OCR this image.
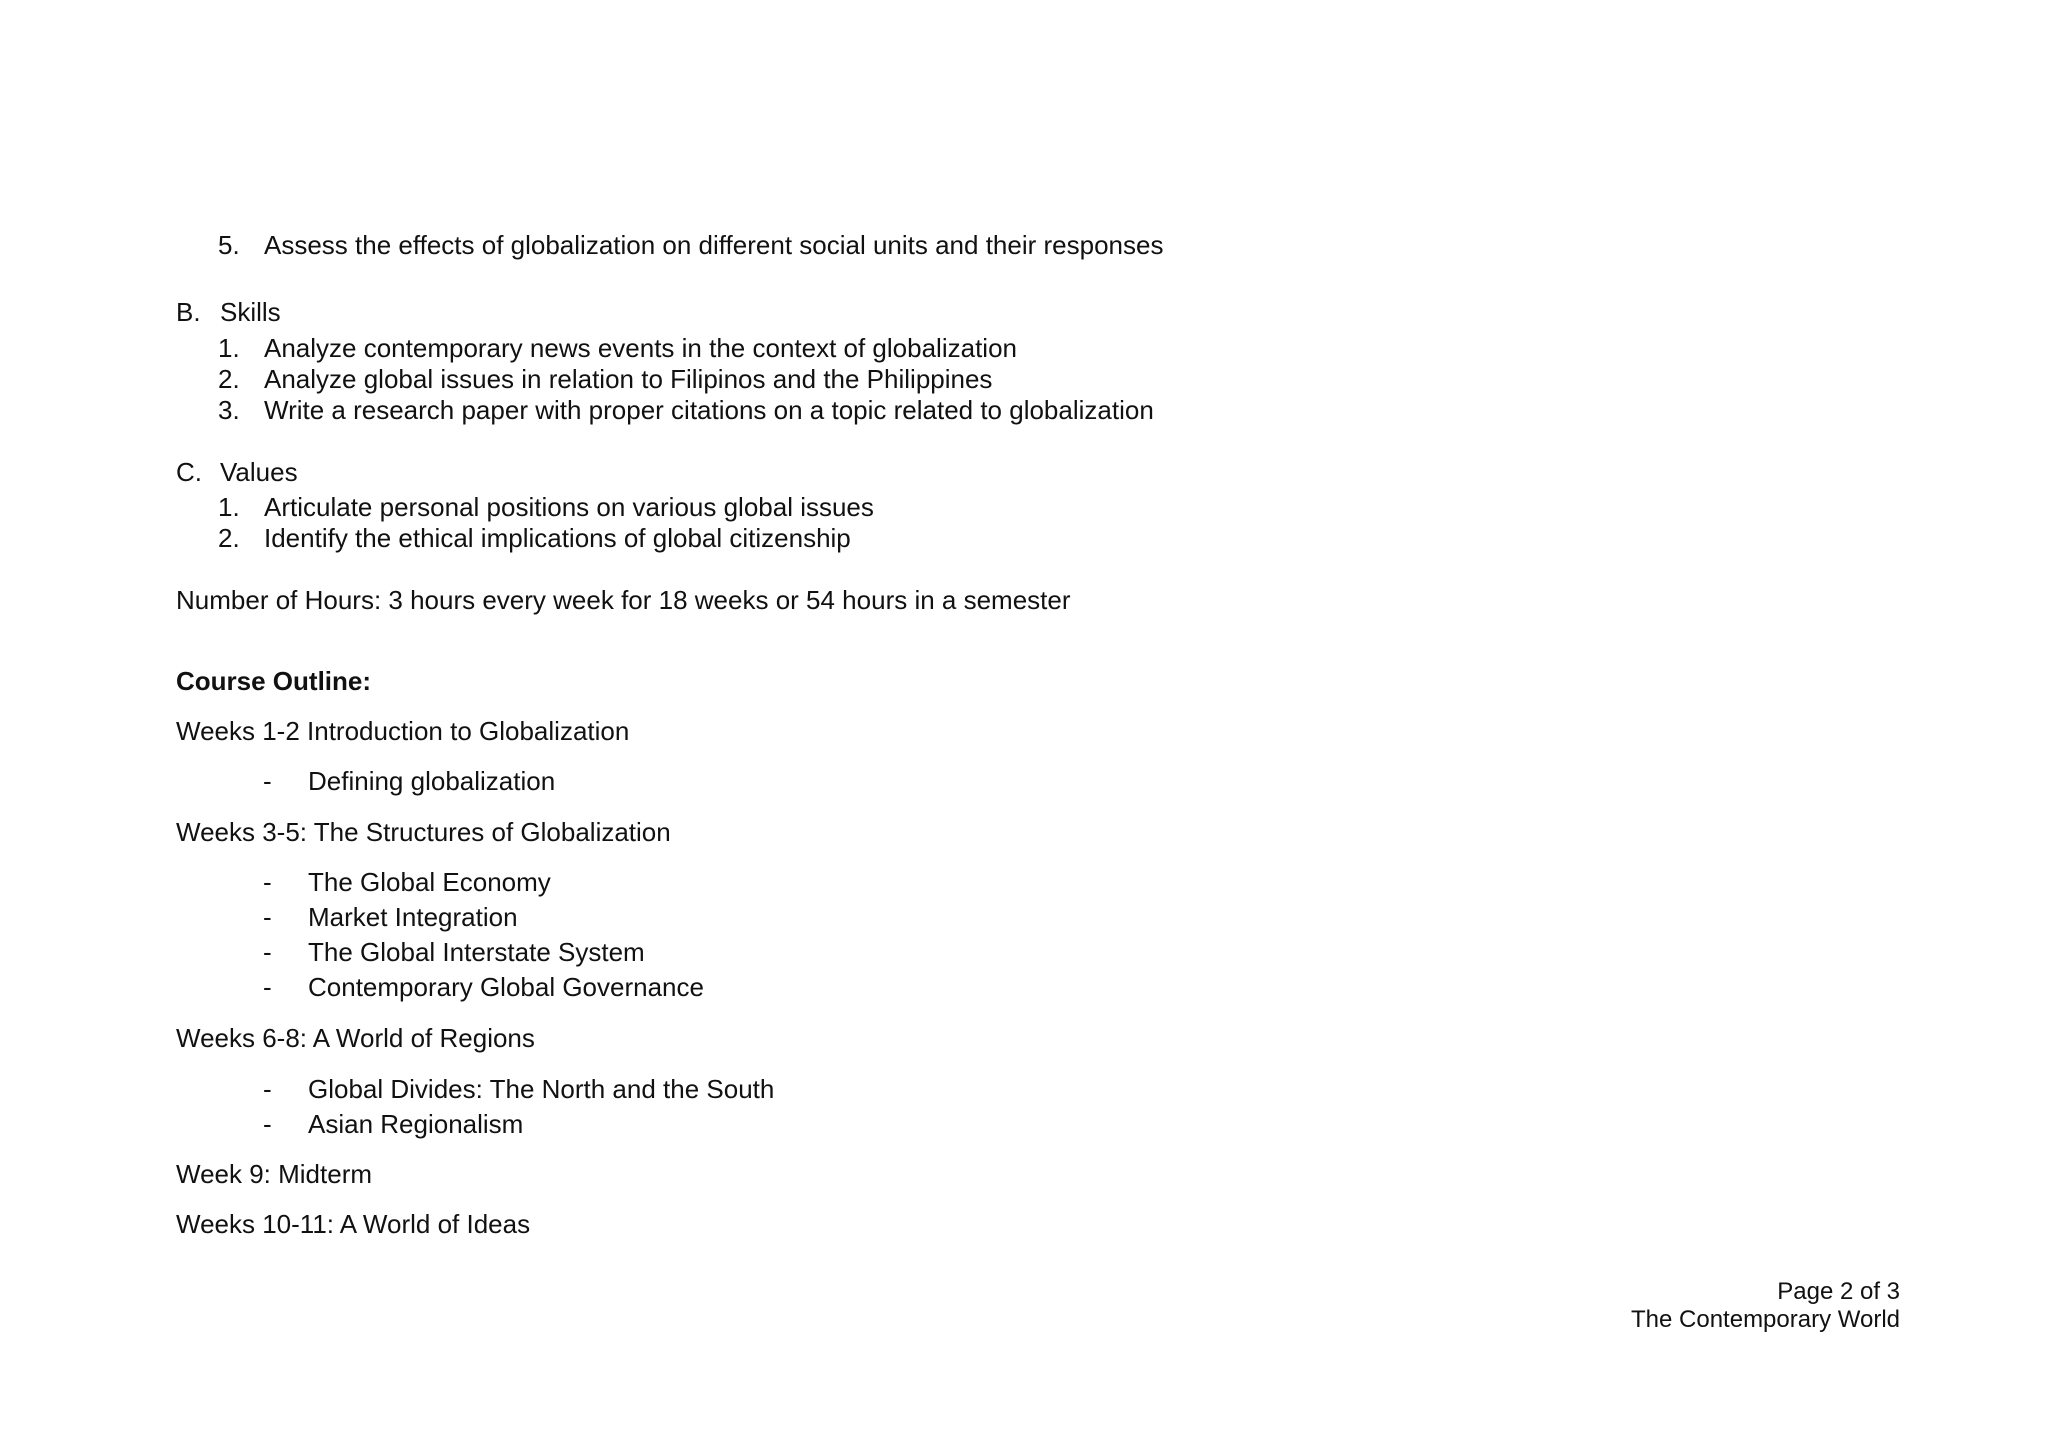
5. Assess the effects of globalization on different social units and their responses
B. Skills
1. Analyze contemporary news events in the context of globalization
2. Analyze global issues in relation to Filipinos and the Philippines
3. Write a research paper with proper citations on a topic related to globalization
C. Values
1. Articulate personal positions on various global issues
2. Identify the ethical implications of global citizenship
Number of Hours: 3 hours every week for 18 weeks or 54 hours in a semester
Course Outline:
Weeks 1-2 Introduction to Globalization
- Defining globalization
Weeks 3-5: The Structures of Globalization
- The Global Economy
- Market Integration
- The Global Interstate System
- Contemporary Global Governance
Weeks 6-8: A World of Regions
- Global Divides: The North and the South
- Asian Regionalism
Week 9: Midterm
Weeks 10-11: A World of Ideas
Page 2 of 3
The Contemporary World
